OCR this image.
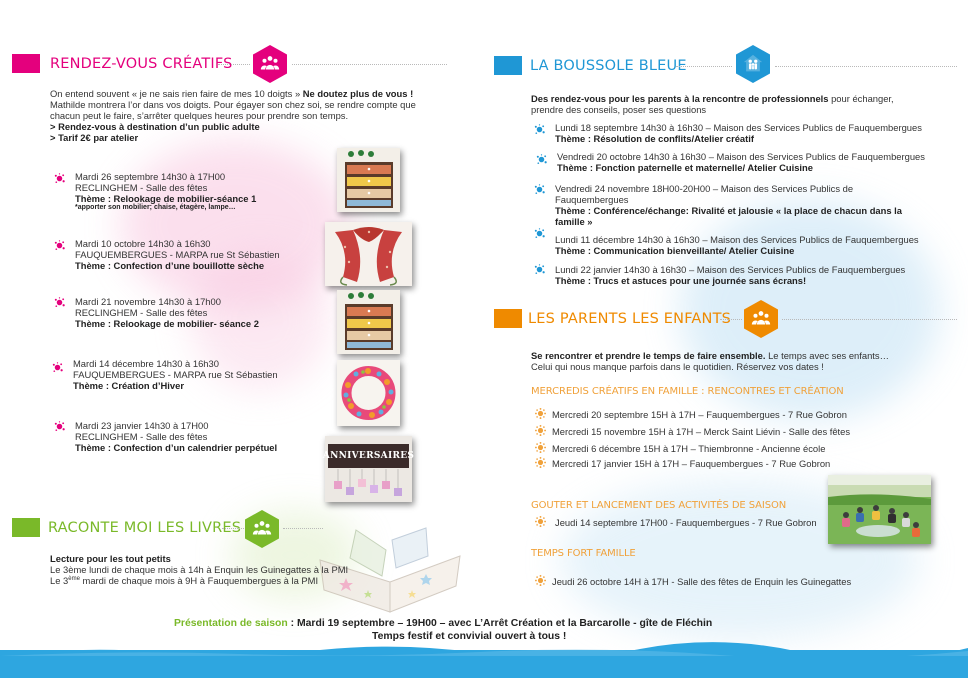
RENDEZ-VOUS CRÉATIFS
On entend souvent « je ne sais rien faire de mes 10 doigts » Ne doutez plus de vous !
Mathilde montrera l’or dans vos doigts. Pour égayer son chez soi, se rendre compte que
chacun peut le faire, s’arrêter quelques heures pour prendre son temps.
> Rendez-vous à destination d’un public adulte
> Tarif 2€ par atelier
Mardi 26 septembre 14h30 à 17H00
RECLINGHEM - Salle des fêtes
Thème : Relookage de mobilier-séance 1
*apporter son mobilier; chaise, étagère, lampe…
Mardi 10 octobre 14h30 à 16h30
FAUQUEMBERGUES - MARPA rue St Sébastien
Thème : Confection d’une bouillotte sèche
Mardi 21 novembre 14h30 à 17h00
RECLINGHEM - Salle des fêtes
Thème : Relookage de mobilier- séance 2
Mardi 14 décembre 14h30 à 16h30
FAUQUEMBERGUES - MARPA rue St Sébastien
Thème : Création d’Hiver
Mardi 23 janvier 14h30 à 17H00
RECLINGHEM - Salle des fêtes
Thème : Confection d’un calendrier perpétuel
ANNIVERSAIRES
RACONTE MOI LES LIVRES
Lecture pour les tout petits
Le 3ème lundi de chaque mois à 14h à Enquin les Guinegattes à la PMI
Le 3ème mardi de chaque mois à 9H à Fauquembergues à la PMI
LA BOUSSOLE BLEUE
Des rendez-vous pour les parents à la rencontre de professionnels pour échanger,
prendre des conseils, poser ses questions
Lundi 18 septembre 14h30 à 16h30 – Maison des Services Publics de Fauquembergues
Thème : Résolution de conflits/Atelier créatif
Vendredi 20 octobre 14h30 à 16h30 – Maison des Services Publics de Fauquembergues
Thème : Fonction paternelle et maternelle/ Atelier Cuisine
Vendredi 24 novembre 18H00-20H00 – Maison des Services Publics de
Fauquembergues
Thème : Conférence/échange: Rivalité et jalousie « la place de chacun dans la
famille »
Lundi 11 décembre 14h30 à 16h30 – Maison des Services Publics de Fauquembergues
Thème : Communication bienveillante/ Atelier Cuisine
Lundi 22 janvier 14h30 à 16h30 – Maison des Services Publics de Fauquembergues
Thème : Trucs et astuces pour une journée sans écrans!
LES PARENTS LES ENFANTS
Se rencontrer et prendre le temps de faire ensemble. Le temps avec ses enfants…
Celui qui nous manque parfois dans le quotidien. Réservez vos dates !
MERCREDIS CRÉATIFS EN FAMILLE : RENCONTRES ET CRÉATION
Mercredi 20 septembre 15H à 17H – Fauquembergues - 7 Rue Gobron
Mercredi 15 novembre 15H à 17H – Merck Saint Liévin - Salle des fêtes
Mercredi 6 décembre 15H à 17H – Thiembronne - Ancienne école
Mercredi 17 janvier 15H à 17H – Fauquembergues - 7 Rue Gobron
GOUTER ET LANCEMENT DES ACTIVITÉS DE SAISON
Jeudi 14 septembre 17H00 - Fauquembergues - 7 Rue Gobron
TEMPS FORT FAMILLE
Jeudi 26 octobre 14H à 17H - Salle des fêtes de Enquin les Guinegattes
Présentation de saison : Mardi 19 septembre – 19H00 – avec L’Arrêt Création et la Barcarolle - gîte de Fléchin
Temps festif et convivial ouvert à tous !
